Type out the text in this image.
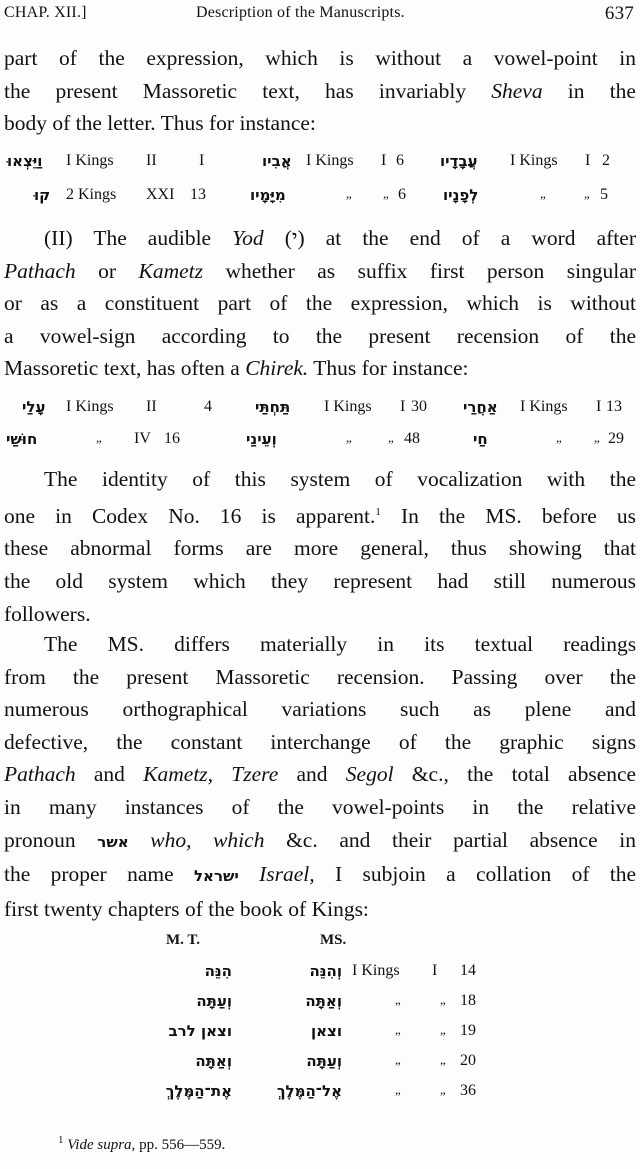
CHAP. XII.]	Description of the Manuscripts.	637
part of the expression, which is without a vowel-point in
the present Massoretic text, has invariably Sheva in the
body of the letter. Thus for instance:
וַיֵּצְאוּ I Kings II	I	אֲבִיו I Kings I 6 עֲבָדָיו I Kings I 2
קוּ 2 Kings XXI 13	מִיָּמָיו	„ „ 6 לְפָנָיו	„	„ 5
(II) The audible Yod (י) at the end of a word after
Pathach or Kametz whether as suffix first person singular
or as a constituent part of the expression, which is without
a vowel-sign according to the present recension of the
Massoretic text, has often a Chirek. Thus for instance:
עָלַי I Kings II	4	תַּחְתַּי I Kings I 30 אַחֲרַי I Kings I 13
חוּשַׁי	„ IV 16	וְעֵינַי	„	„ 48	חַי	„ „ 29
The identity of this system of vocalization with the
one in Codex No. 16 is apparent.$^1$ In the MS. before us
these abnormal forms are more general, thus showing that
the old system which they represent had still numerous
followers.
The MS. differs materially in its textual readings
from the present Massoretic recension. Passing over the
numerous orthographical variations such as plene and
defective, the constant interchange of the graphic signs
Pathach and Kametz, Tzere and Segol &c., the total absence
in many instances of the vowel-points in the relative
pronoun אשר who, which &c. and their partial absence in
the proper name ישראל Israel, I subjoin a collation of the
first twenty chapters of the book of Kings:
M. T.	MS.
הִנֵּה	וְהִנֵּה I Kings I 14
וְעַתָּה	וְאַתָּה	„	„ 18
וצאן לרב	וצאן	„	„ 19
וְאַתָּה	וְעַתָּה	„	„ 20
אֶת־הַמֶּלֶךְ	אֶל־הַמֶּלֶךְ	„	„ 36
$^1$ Vide supra, pp. 556—559.
